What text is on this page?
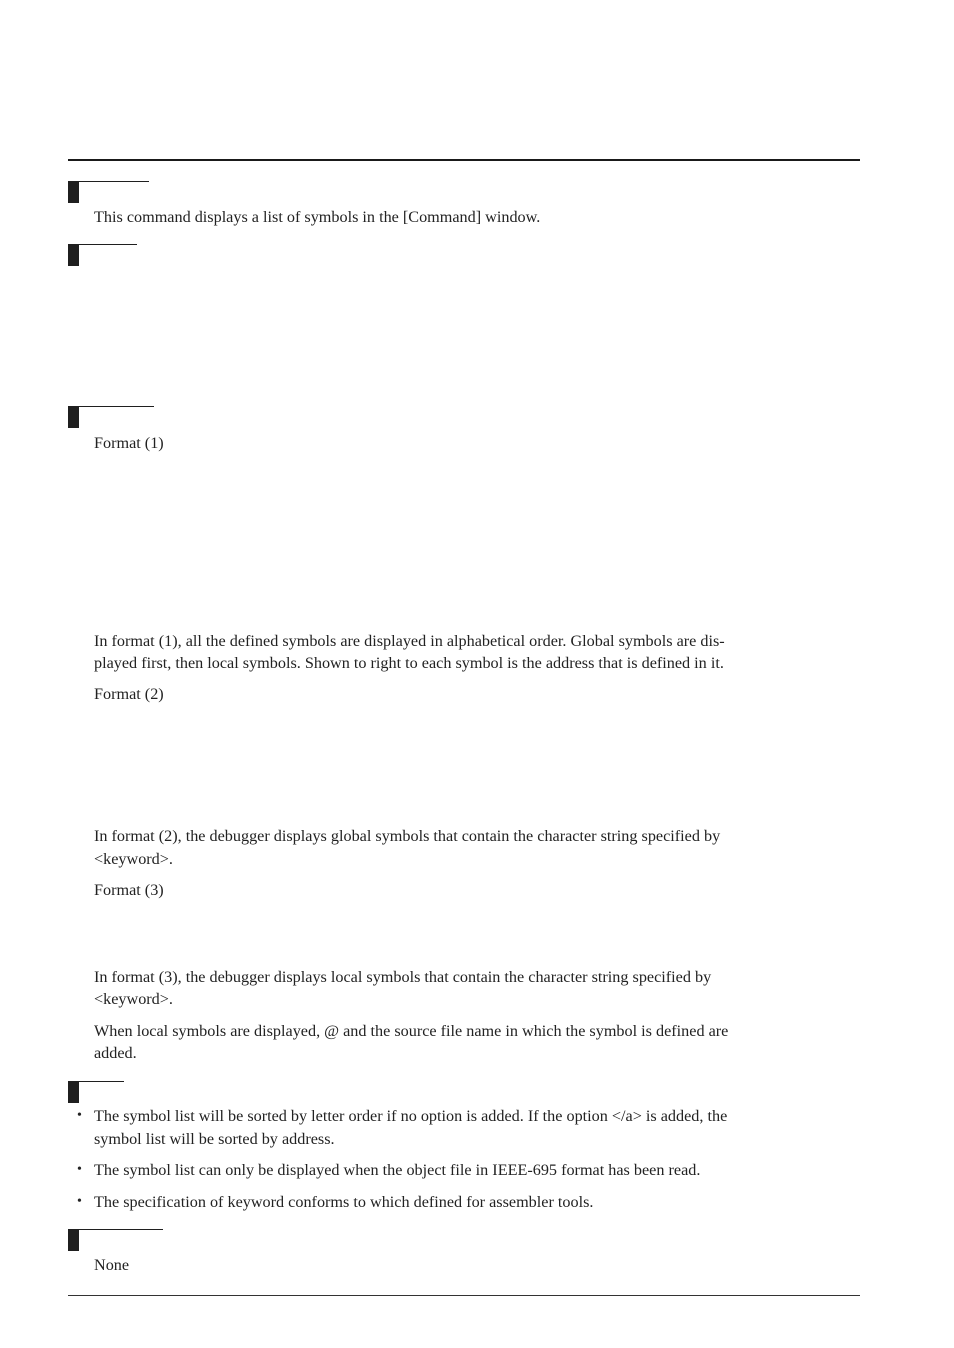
This command displays a list of symbols in the [Command] window.

Format (1)

In format (1), all the defined symbols are displayed in alphabetical order. Global symbols are dis-

played first, then local symbols. Shown to right to each symbol is the address that is defined in it.

Format (2)

In format (2), the debugger displays global symbols that contain the character string specified by

<keyword>.

Format (3)

In format (3), the debugger displays local symbols that contain the character string specified by

<keyword>.

When local symbols are displayed, @ and the source file name in which the symbol is defined are

added.

• The symbol list will be sorted by letter order if no option is added. If the option </a> is added, the

symbol list will be sorted by address.

• The symbol list can only be displayed when the object file in IEEE-695 format has been read.

• The specification of keyword conforms to which defined for assembler tools.

None
